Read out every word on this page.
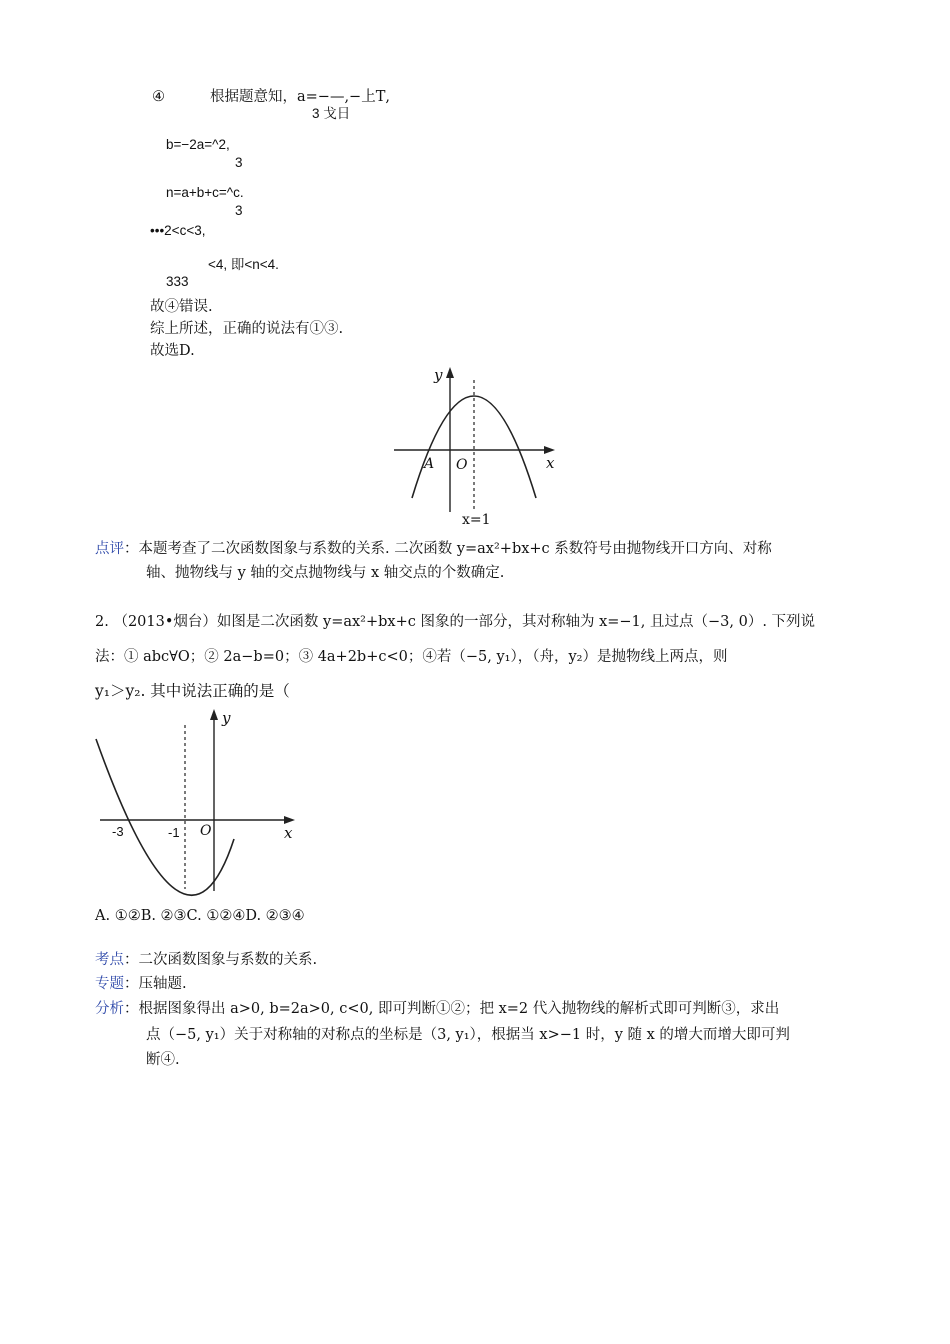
④	根据题意知，a=−—,−上Т,
3 戈日
b=−2a=^2,
3
n=a+b+c=^c.
3
•••2<c<3,
<4, 即<n<4.
333
故④错误.
综上所述，正确的说法有①③.
故选D.
y
x
A O
x=1
点评：本题考查了二次函数图象与系数的关系. 二次函数 y=ax²+bx+c 系数符号由抛物线开口方向、对称
轴、抛物线与 y 轴的交点抛物线与 x 轴交点的个数确定.
2. （2013•烟台）如图是二次函数 y=ax²+bx+c 图象的一部分，其对称轴为 x=−1, 且过点（−3, 0）. 下列说
法：① abc∀O；② 2a−b=0；③ 4a+2b+c<0；④若（−5, y₁），（舟，y₂）是抛物线上两点，则
y₁＞y₂. 其中说法正确的是（
y
x
-3	-1 O
A. ①②B. ②③C. ①②④D. ②③④
考点：二次函数图象与系数的关系.
专题：压轴题.
分析：根据图象得出 a>0, b=2a>0, c<0, 即可判断①②；把 x=2 代入抛物线的解析式即可判断③，求出
点（−5, y₁）关于对称轴的对称点的坐标是（3, y₁），根据当 x>−1 时，y 随 x 的增大而增大即可判
断④.
